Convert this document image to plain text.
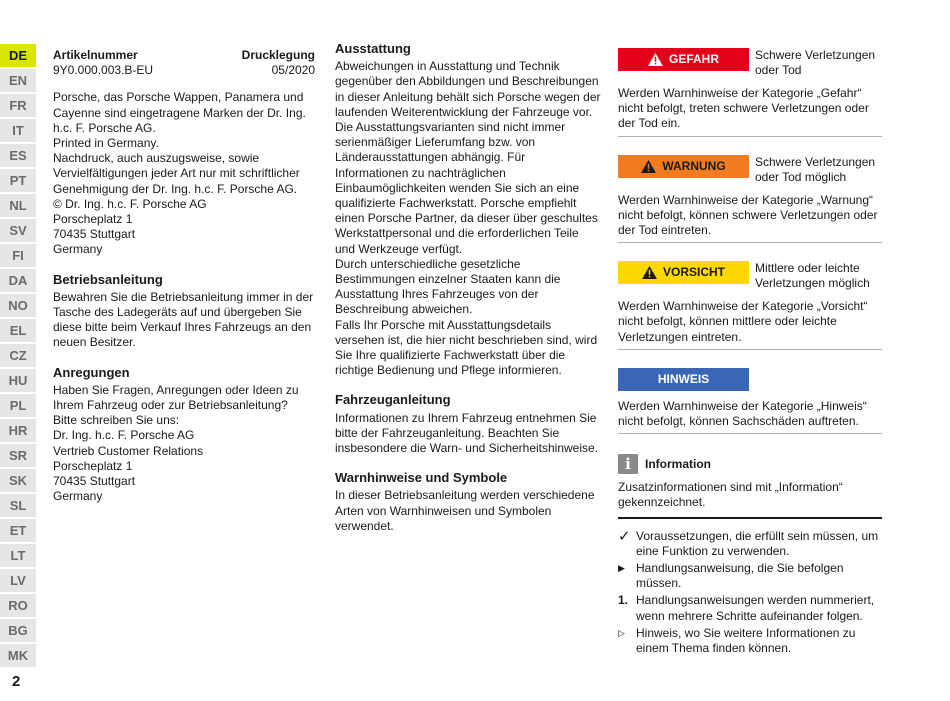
DE
EN
FR
IT
ES
PT
NL
SV
FI
DA
NO
EL
CZ
HU
PL
HR
SR
SK
SL
ET
LT
LV
RO
BG
MK
2
Artikelnummer	Drucklegung
9Y0.000.003.B-EU	05/2020

Porsche, das Porsche Wappen, Panamera und Cayenne sind eingetragene Marken der Dr. Ing. h.c. F. Porsche AG.

Printed in Germany.

Nachdruck, auch auszugsweise, sowie Vervielfältigungen jeder Art nur mit schriftlicher Genehmigung der Dr. Ing. h.c. F. Porsche AG.

© Dr. Ing. h.c. F. Porsche AG

Porscheplatz 1

70435 Stuttgart

Germany

Betriebsanleitung

Bewahren Sie die Betriebsanleitung immer in der Tasche des Ladegeräts auf und übergeben Sie diese bitte beim Verkauf Ihres Fahrzeugs an den neuen Besitzer.

Anregungen

Haben Sie Fragen, Anregungen oder Ideen zu Ihrem Fahrzeug oder zur Betriebsanleitung?

Bitte schreiben Sie uns:

Dr. Ing. h.c. F. Porsche AG

Vertrieb Customer Relations

Porscheplatz 1

70435 Stuttgart

Germany

Ausstattung

Abweichungen in Ausstattung und Technik gegenüber den Abbildungen und Beschreibungen in dieser Anleitung behält sich Porsche wegen der laufenden Weiterentwicklung der Fahrzeuge vor. Die Ausstattungsvarianten sind nicht immer serienmäßiger Lieferumfang bzw. von Länderausstattungen abhängig. Für Informationen zu nachträglichen Einbaumöglichkeiten wenden Sie sich an eine qualifizierte Fachwerkstatt. Porsche empfiehlt einen Porsche Partner, da dieser über geschultes Werkstattpersonal und die erforderlichen Teile und Werkzeuge verfügt.

Durch unterschiedliche gesetzliche Bestimmungen einzelner Staaten kann die Ausstattung Ihres Fahrzeuges von der Beschreibung abweichen.

Falls Ihr Porsche mit Ausstattungsdetails versehen ist, die hier nicht beschrieben sind, wird Sie Ihre qualifizierte Fachwerkstatt über die richtige Bedienung und Pflege informieren.

Fahrzeuganleitung

Informationen zu Ihrem Fahrzeug entnehmen Sie bitte der Fahrzeuganleitung. Beachten Sie insbesondere die Warn- und Sicherheitshinweise.

Warnhinweise und Symbole

In dieser Betriebsanleitung werden verschiedene Arten von Warnhinweisen und Symbolen verwendet.

GEFAHR	Schwere Verletzungen oder Tod
Werden Warnhinweise der Kategorie „Gefahr“ nicht befolgt, treten schwere Verletzungen oder der Tod ein.
WARNUNG Schwere Verletzungen oder Tod möglich
Werden Warnhinweise der Kategorie „Warnung“ nicht befolgt, können schwere Verletzungen oder der Tod eintreten.
VORSICHT	Mittlere oder leichte Verletzungen möglich
Werden Warnhinweise der Kategorie „Vorsicht“ nicht befolgt, können mittlere oder leichte Verletzungen eintreten.
HINWEIS
Werden Warnhinweise der Kategorie „Hinweis“ nicht befolgt, können Sachschäden auftreten.
i	Information
Zusatzinformationen sind mit „Information“ gekennzeichnet.
✓ Voraussetzungen, die erfüllt sein müssen, um eine Funktion zu verwenden.
▶ Handlungsanweisung, die Sie befolgen müssen.
1. Handlungsanweisungen werden nummeriert, wenn mehrere Schritte aufeinander folgen.
▷ Hinweis, wo Sie weitere Informationen zu einem Thema finden können.
